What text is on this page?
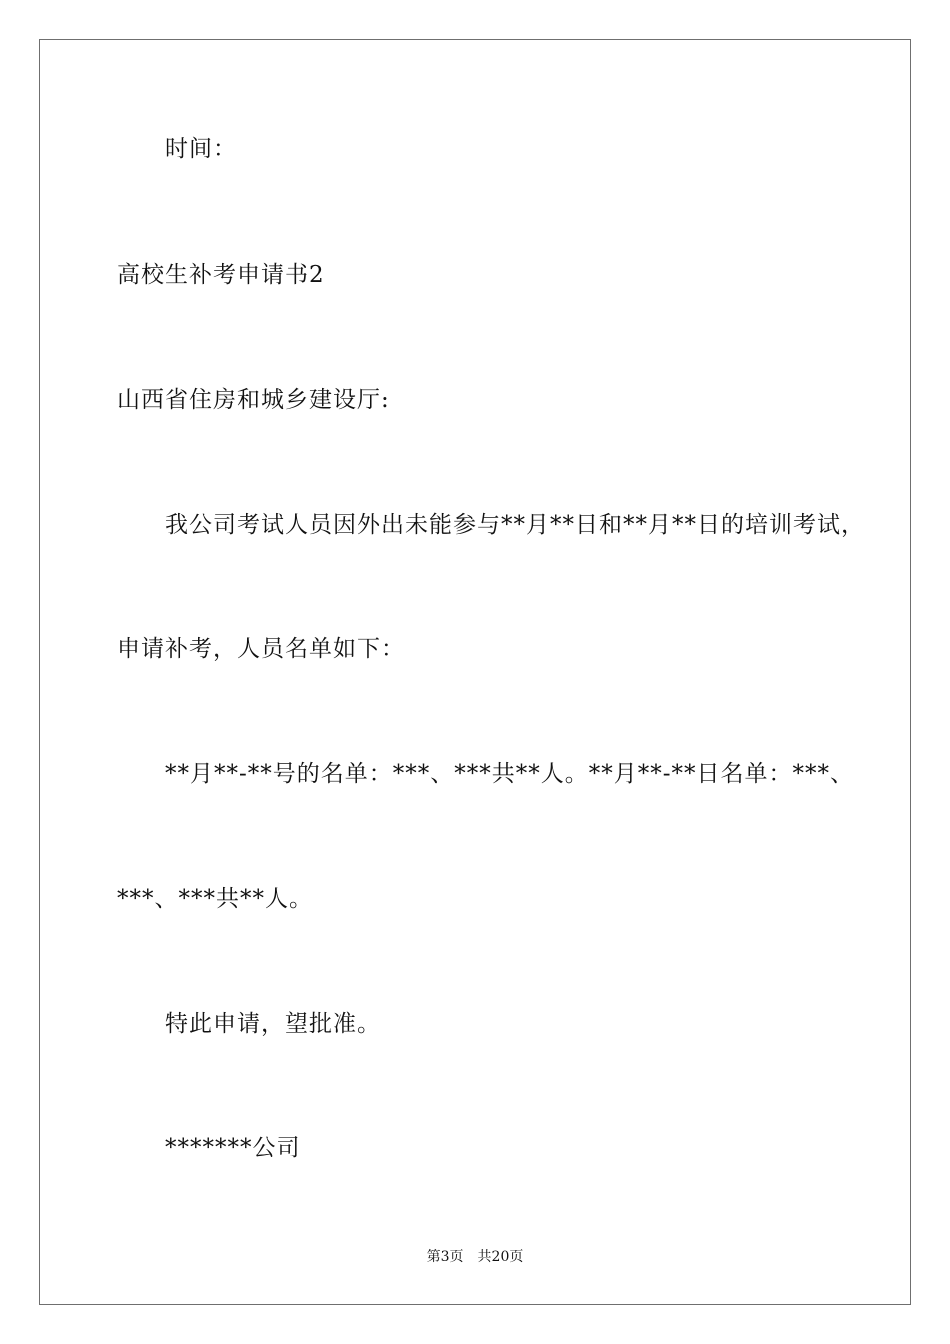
时间：
高校生补考申请书2
山西省住房和城乡建设厅:
我公司考试人员因外出未能参与**月**日和**月**日的培训考试，
申请补考，人员名单如下：
**月**-**号的名单：***、***共**人。**月**-**日名单：***、
***、***共**人。
特此申请，望批准。
*******公司
第3页 共20页
